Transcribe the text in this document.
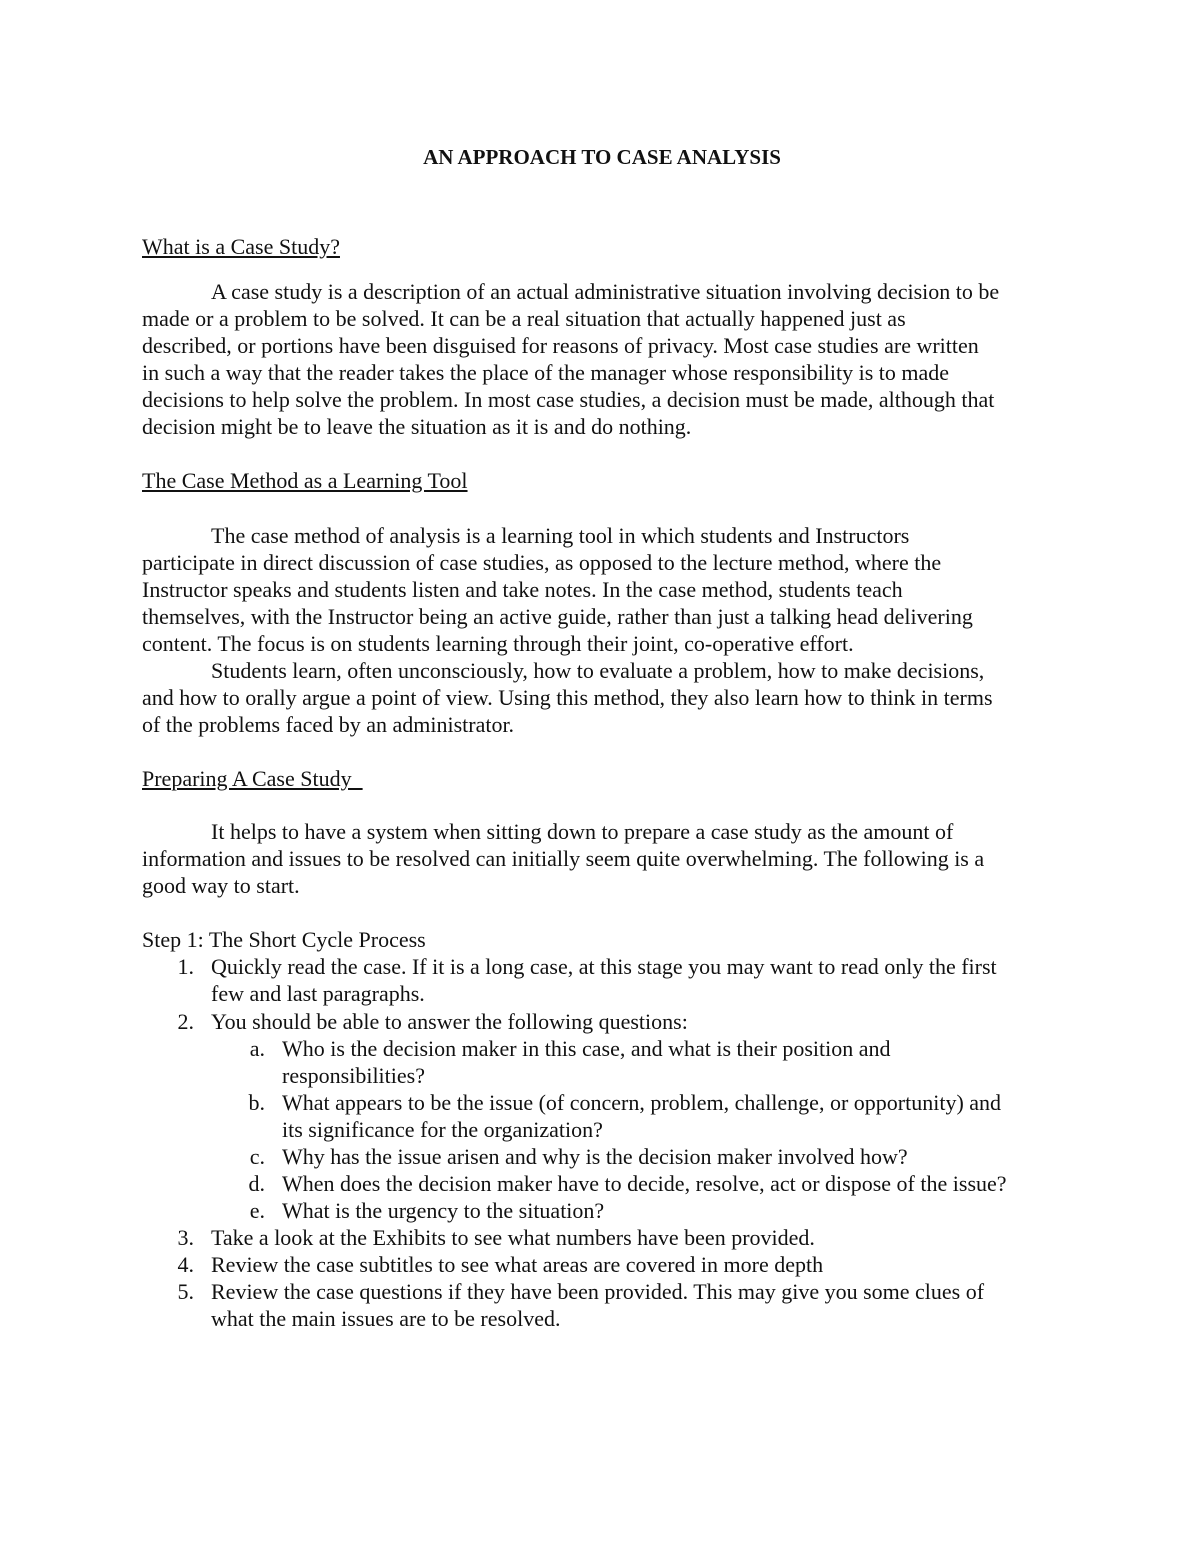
AN APPROACH TO CASE ANALYSIS
What is a Case Study?
A case study is a description of an actual administrative situation involving decision to be
made or a problem to be solved. It can be a real situation that actually happened just as
described, or portions have been disguised for reasons of privacy. Most case studies are written
in such a way that the reader takes the place of the manager whose responsibility is to made
decisions to help solve the problem. In most case studies, a decision must be made, although that
decision might be to leave the situation as it is and do nothing.
The Case Method as a Learning Tool
The case method of analysis is a learning tool in which students and Instructors
participate in direct discussion of case studies, as opposed to the lecture method, where the
Instructor speaks and students listen and take notes. In the case method, students teach
themselves, with the Instructor being an active guide, rather than just a talking head delivering
content. The focus is on students learning through their joint, co-operative effort.
Students learn, often unconsciously, how to evaluate a problem, how to make decisions,
and how to orally argue a point of view. Using this method, they also learn how to think in terms
of the problems faced by an administrator.
Preparing A Case Study
It helps to have a system when sitting down to prepare a case study as the amount of
information and issues to be resolved can initially seem quite overwhelming. The following is a
good way to start.
Step 1: The Short Cycle Process
1. Quickly read the case. If it is a long case, at this stage you may want to read only the first
few and last paragraphs.
2. You should be able to answer the following questions:
a. Who is the decision maker in this case, and what is their position and
responsibilities?
b. What appears to be the issue (of concern, problem, challenge, or opportunity) and
its significance for the organization?
c. Why has the issue arisen and why is the decision maker involved how?
d. When does the decision maker have to decide, resolve, act or dispose of the issue?
e. What is the urgency to the situation?
3. Take a look at the Exhibits to see what numbers have been provided.
4. Review the case subtitles to see what areas are covered in more depth
5. Review the case questions if they have been provided. This may give you some clues of
what the main issues are to be resolved.
